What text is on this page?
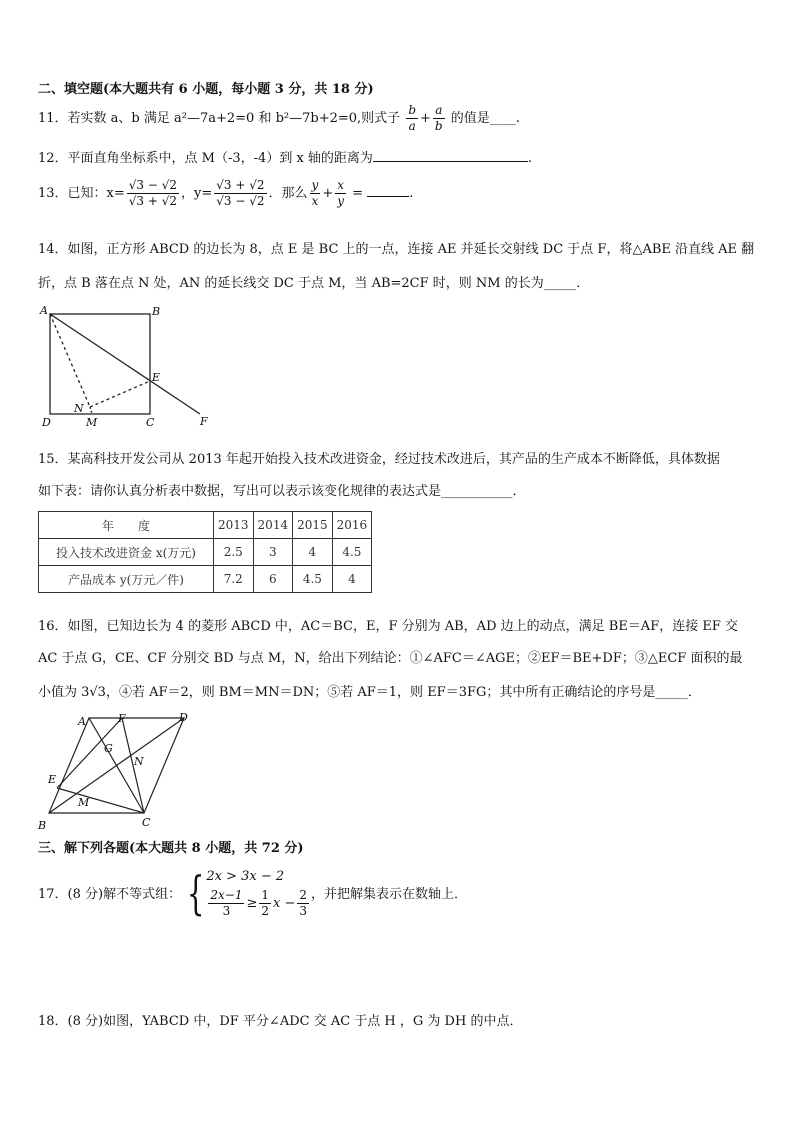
二、填空题(本大题共有 6 小题，每小题 3 分，共 18 分)
11．若实数 a、b 满足 a²—7a+2=0 和 b²—7b+2=0,则式子 $\frac{b}{a} + \frac{a}{b}$ 的值是____.
12．平面直角坐标系中，点 M（-3，-4）到 x 轴的距离为	.
13．已知：$x= \frac{√3 - √2}{√3 + √2}$ ，$y= \frac{√3 + √2}{√3 - √2}$ ．那么 $\frac{y}{x} + \frac{x}{y}$ =	.
14．如图，正方形 ABCD 的边长为 8，点 E 是 BC 上的一点，连接 AE 并延长交射线 DC 于点 F，将△ABE 沿直线 AE 翻
折，点 B 落在点 N 处，AN 的延长线交 DC 于点 M，当 AB=2CF 时，则 NM 的长为_____．
A	B
C
D
E
F
M
N
15．某高科技开发公司从 2013 年起开始投入技术改进资金，经过技术改进后，其产品的生产成本不断降低，具体数据
如下表：请你认真分析表中数据，写出可以表示该变化规律的表达式是___________．
年　　度	2013	2014	2015	2016
投入技术改进资金 x(万元)	2.5	3	4	4.5
产品成本 y(万元／件)	7.2	6	4.5	4
16．如图，已知边长为 4 的菱形 ABCD 中，AC＝BC，E，F 分别为 AB，AD 边上的动点，满足 BE＝AF，连接 EF 交
AC 于点 G，CE、CF 分别交 BD 与点 M，N，给出下列结论：①∠AFC＝∠AGE；②EF＝BE+DF；③△ECF 面积的最
小值为 3√3，④若 AF＝2，则 BM＝MN＝DN；⑤若 AF＝1，则 EF＝3FG；其中所有正确结论的序号是_____．
A	F	D
G
N
E
M
C
B
三、解下列各题(本大题共 8 小题，共 72 分)
17．(8 分)解不等式组： { 2x > 3x − 2
$\frac{2x-1}{3} \ge \frac{1}{2}$ $x - \frac{2}{3}$ ，并把解集表示在数轴上．
18．(8 分)如图，YABCD 中，DF 平分∠ADC 交 AC 于点 H ，G 为 DH 的中点．
